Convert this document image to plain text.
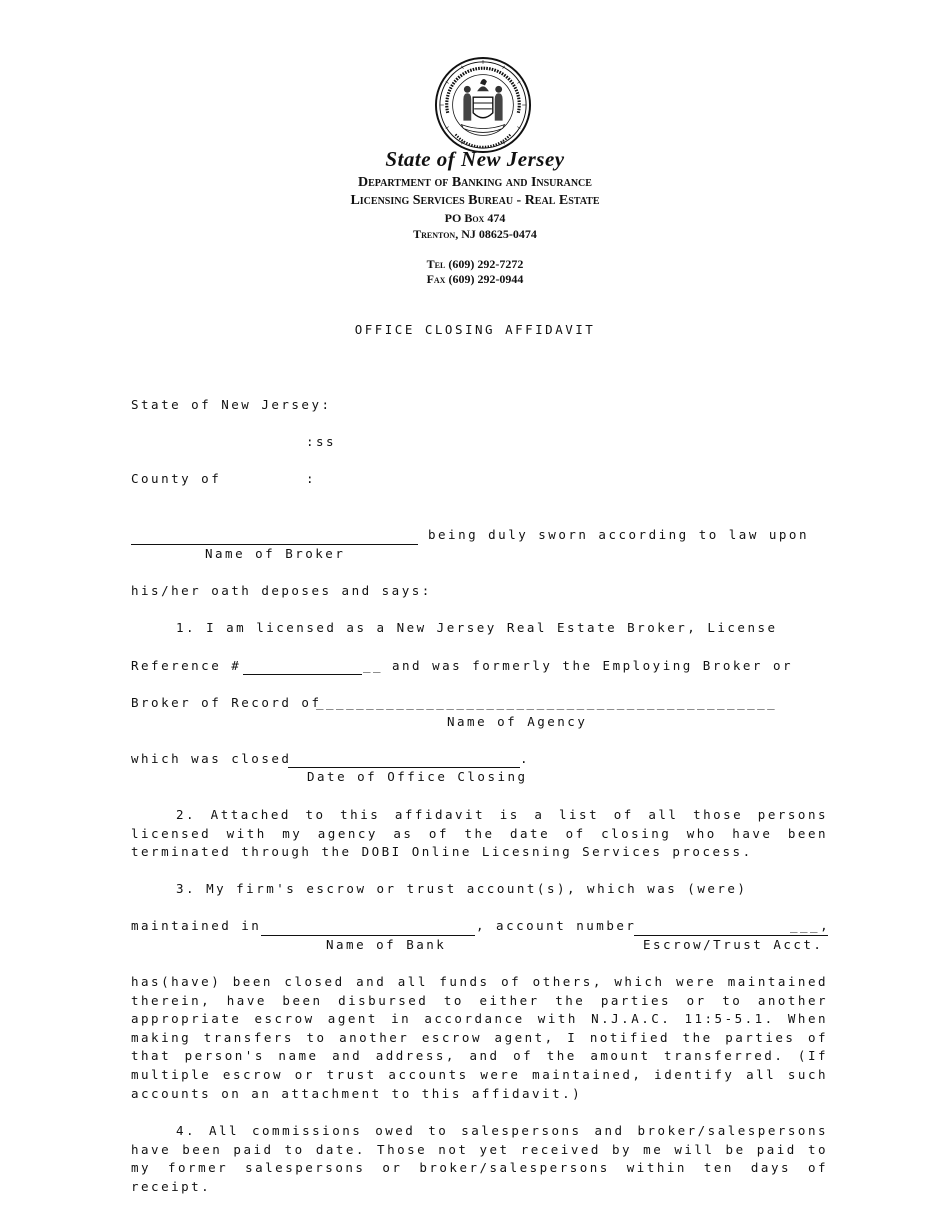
State of New Jersey
Department of Banking and Insurance
Licensing Services Bureau - Real Estate
PO Box 474
Trenton, NJ 08625-0474
Tel (609) 292-7272
Fax (609) 292-0944
OFFICE CLOSING AFFIDAVIT
State of New Jersey:
:ss
County of	:
being duly sworn according to law upon
Name of Broker
his/her oath deposes and says:
1. I am licensed as a New Jersey Real Estate Broker, License
Reference #	__ and was formerly the Employing Broker or
Broker of Record of
______________________________________________
Name of Agency
which was closed	.
Date of Office Closing
2. Attached to this affidavit is a list of all those persons licensed with my agency as of the date of closing who have been terminated through the DOBI Online Licesning Services process.
3. My firm's escrow or trust account(s), which was (were)
maintained in	, account number	___,
Name of Bank	Escrow/Trust Acct.
has(have) been closed and all funds of others, which were maintained therein, have been disbursed to either the parties or to another appropriate escrow agent in accordance with N.J.A.C. 11:5-5.1. When making transfers to another escrow agent, I notified the parties of that person's name and address, and of the amount transferred. (If multiple escrow or trust accounts were maintained, identify all such accounts on an attachment to this affidavit.)
4. All commissions owed to salespersons and broker/salespersons have been paid to date. Those not yet received by me will be paid to my former salespersons or broker/salespersons within ten days of receipt.
